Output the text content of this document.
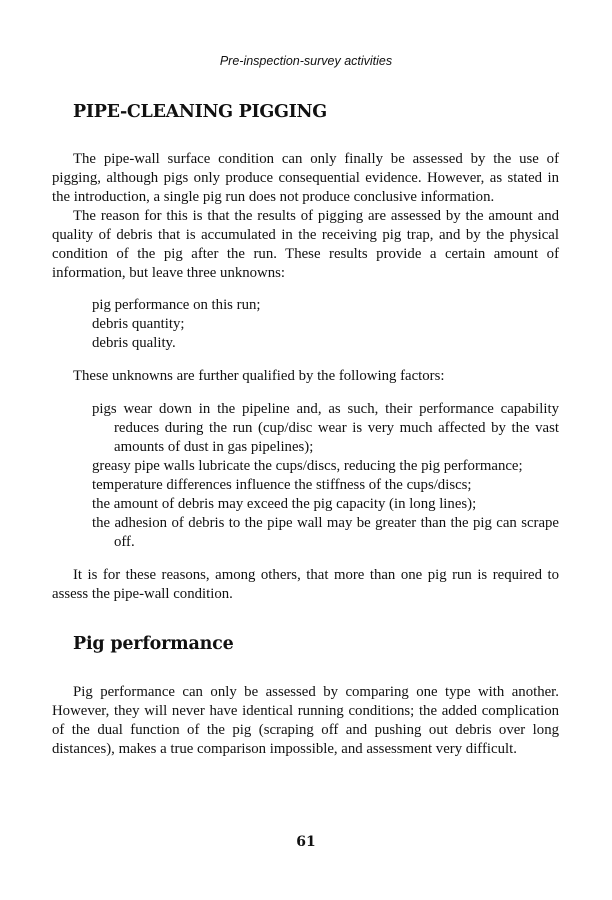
Pre-inspection-survey activities
PIPE-CLEANING PIGGING

The pipe-wall surface condition can only finally be assessed by the use of pigging, although pigs only produce consequential evidence. However, as stated in the introduction, a single pig run does not produce conclusive information.

The reason for this is that the results of pigging are assessed by the amount and quality of debris that is accumulated in the receiving pig trap, and by the physical condition of the pig after the run. These results provide a certain amount of information, but leave three unknowns:

pig performance on this run;
debris quantity;
debris quality.

These unknowns are further qualified by the following factors:

pigs wear down in the pipeline and, as such, their performance capability reduces during the run (cup/disc wear is very much affected by the vast amounts of dust in gas pipelines);
greasy pipe walls lubricate the cups/discs, reducing the pig performance;
temperature differences influence the stiffness of the cups/discs;
the amount of debris may exceed the pig capacity (in long lines);
the adhesion of debris to the pipe wall may be greater than the pig can scrape off.

It is for these reasons, among others, that more than one pig run is required to assess the pipe-wall condition.

Pig performance

Pig performance can only be assessed by comparing one type with another. However, they will never have identical running conditions; the added complication of the dual function of the pig (scraping off and pushing out debris over long distances), makes a true comparison impossible, and assessment very difficult.

61
